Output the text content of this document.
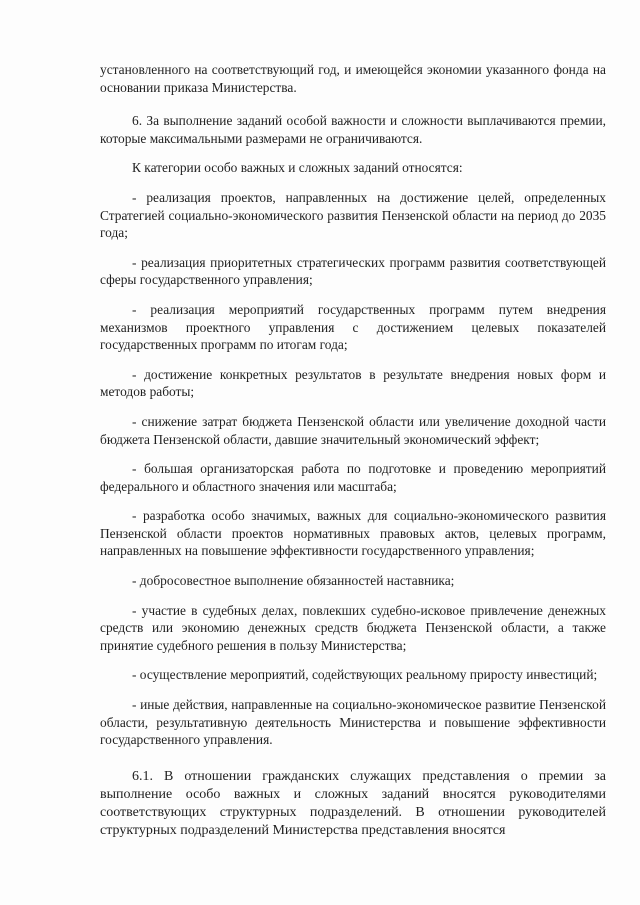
установленного на соответствующий год, и имеющейся экономии указанного фонда на основании приказа Министерства.

6. За выполнение заданий особой важности и сложности выплачиваются премии, которые максимальными размерами не ограничиваются.

К категории особо важных и сложных заданий относятся:

- реализация проектов, направленных на достижение целей, определенных Стратегией социально-экономического развития Пензенской области на период до 2035 года;

- реализация приоритетных стратегических программ развития соответствующей сферы государственного управления;

- реализация мероприятий государственных программ путем внедрения механизмов проектного управления с достижением целевых показателей государственных программ по итогам года;

- достижение конкретных результатов в результате внедрения новых форм и методов работы;

- снижение затрат бюджета Пензенской области или увеличение доходной части бюджета Пензенской области, давшие значительный экономический эффект;

- большая организаторская работа по подготовке и проведению мероприятий федерального и областного значения или масштаба;

- разработка особо значимых, важных для социально-экономического развития Пензенской области проектов нормативных правовых актов, целевых программ, направленных на повышение эффективности государственного управления;

- добросовестное выполнение обязанностей наставника;

- участие в судебных делах, повлекших судебно-исковое привлечение денежных средств или экономию денежных средств бюджета Пензенской области, а также принятие судебного решения в пользу Министерства;

- осуществление мероприятий, содействующих реальному приросту инвестиций;

- иные действия, направленные на социально-экономическое развитие Пензенской области, результативную деятельность Министерства и повышение эффективности государственного управления.

6.1. В отношении гражданских служащих представления о премии за выполнение особо важных и сложных заданий вносятся руководителями соответствующих структурных подразделений. В отношении руководителей структурных подразделений Министерства представления вносятся
